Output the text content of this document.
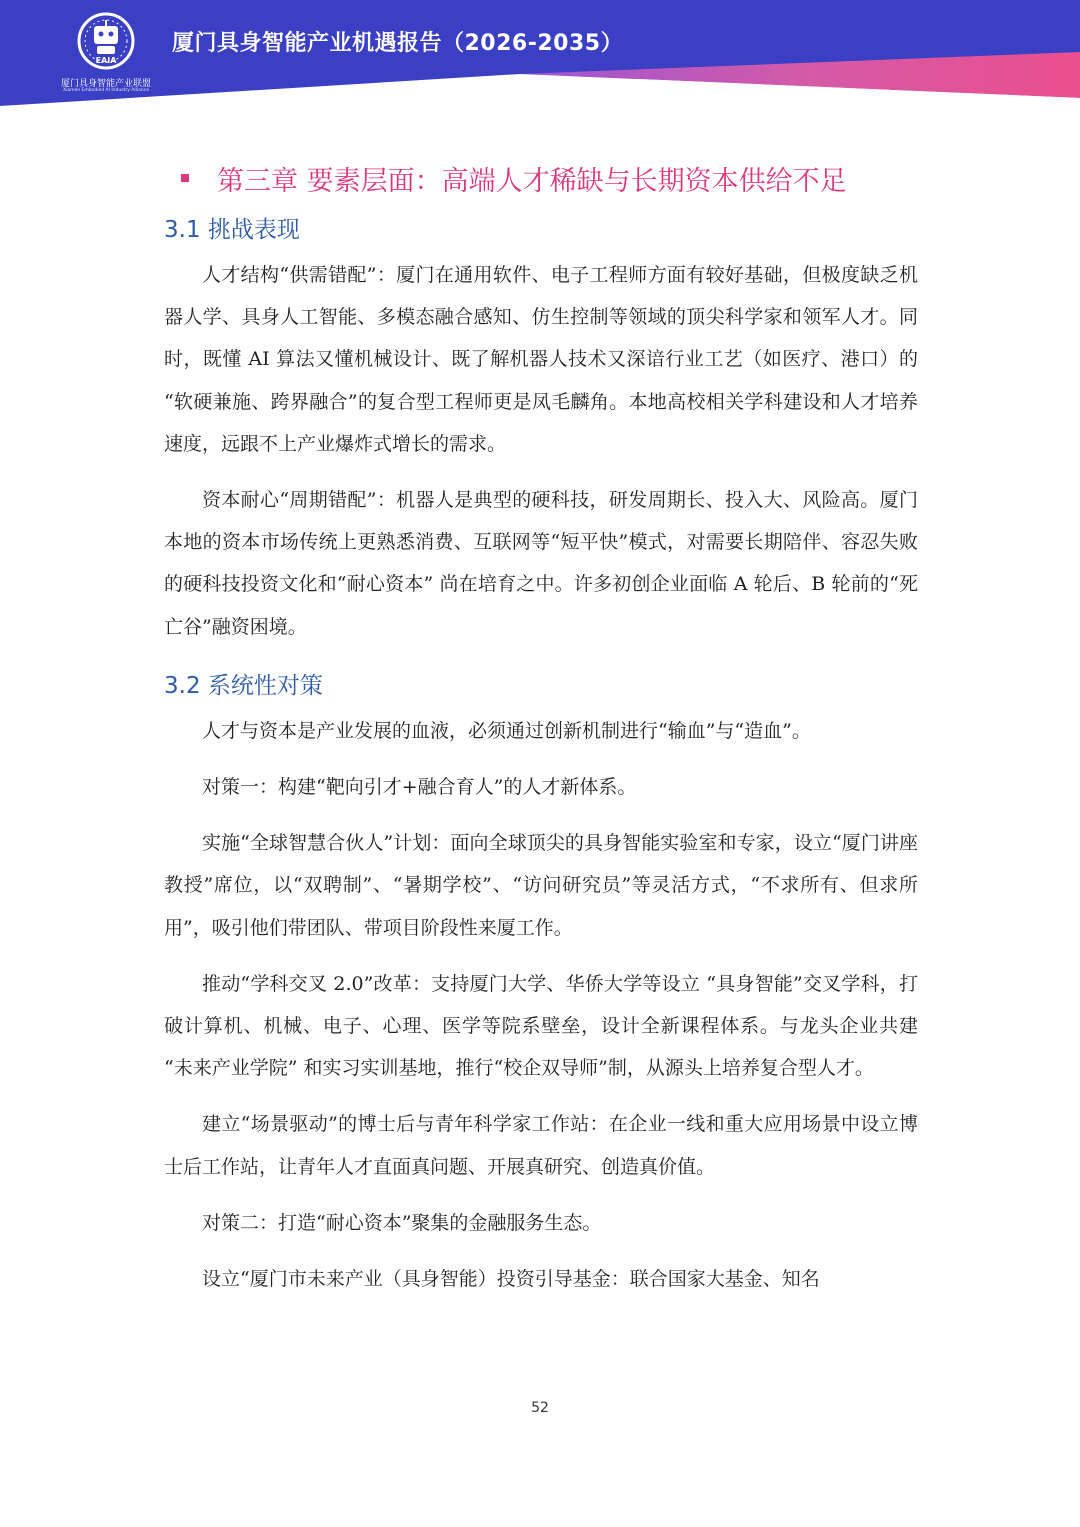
EAIA
厦门具身智能产业联盟
Xiamen Embodied AI Industry Alliance
厦门具身智能产业机遇报告（2026-2035）
第三章 要素层面：高端人才稀缺与长期资本供给不足
3.1 挑战表现

人才结构“供需错配”：厦门在通用软件、电子工程师方面有较好基础，但极度缺乏机器人学、具身人工智能、多模态融合感知、仿生控制等领域的顶尖科学家和领军人才。同时，既懂 AI 算法又懂机械设计、既了解机器人技术又深谙行业工艺（如医疗、港口）的 “软硬兼施、跨界融合”的复合型工程师更是凤毛麟角。本地高校相关学科建设和人才培养速度，远跟不上产业爆炸式增长的需求。

资本耐心“周期错配”：机器人是典型的硬科技，研发周期长、投入大、风险高。厦门本地的资本市场传统上更熟悉消费、互联网等“短平快”模式，对需要长期陪伴、容忍失败的硬科技投资文化和“耐心资本” 尚在培育之中。许多初创企业面临 A 轮后、B 轮前的“死亡谷”融资困境。

3.2 系统性对策

人才与资本是产业发展的血液，必须通过创新机制进行“输血”与“造血”。

对策一：构建“靶向引才+融合育人”的人才新体系。

实施“全球智慧合伙人”计划：面向全球顶尖的具身智能实验室和专家，设立“厦门讲座教授”席位，以“双聘制”、“暑期学校”、“访问研究员”等灵活方式，“不求所有、但求所用”，吸引他们带团队、带项目阶段性来厦工作。

推动“学科交叉 2.0”改革：支持厦门大学、华侨大学等设立 “具身智能”交叉学科，打破计算机、机械、电子、心理、医学等院系壁垒，设计全新课程体系。与龙头企业共建 “未来产业学院” 和实习实训基地，推行“校企双导师”制，从源头上培养复合型人才。

建立“场景驱动”的博士后与青年科学家工作站：在企业一线和重大应用场景中设立博士后工作站，让青年人才直面真问题、开展真研究、创造真价值。

对策二：打造“耐心资本”聚集的金融服务生态。

设立“厦门市未来产业（具身智能）投资引导基金：联合国家大基金、知名

52
